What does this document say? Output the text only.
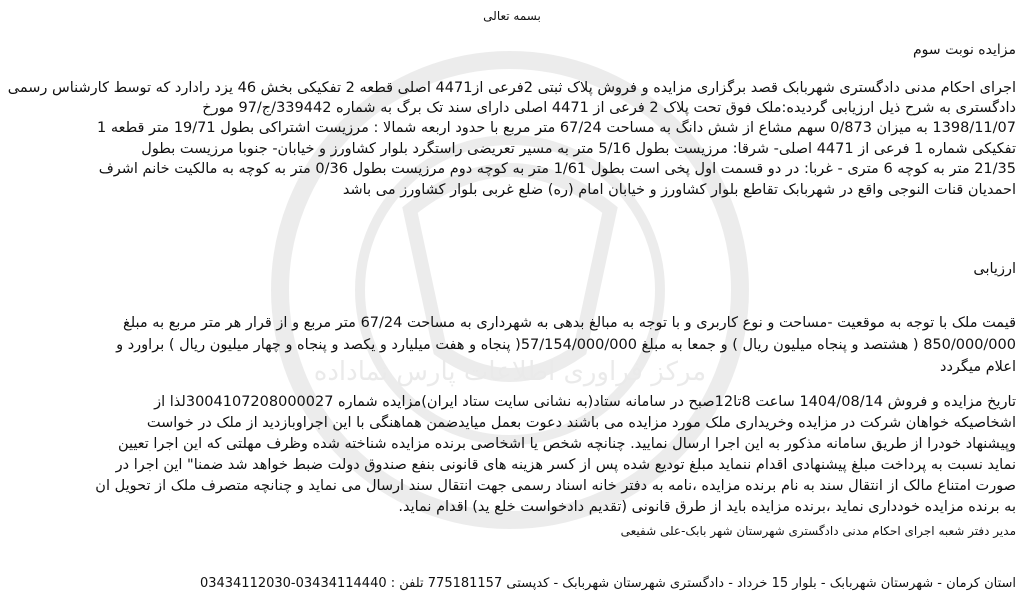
مرکز فراوری اطلاعات پارس نماداده
بسمه تعالی
مزایده نوبت سوم
اجرای احکام مدنی دادگستری شهربابک قصد برگزاری مزایده و فروش پلاک ثبتی 2فرعی از4471 اصلی قطعه 2 تفکیکی بخش 46 یزد رادارد که توسط کارشناس رسمی
دادگستری به شرح ذیل ارزیابی گردیده:ملک فوق تحت پلاک 2 فرعی از 4471 اصلی دارای سند تک برگ به شماره 339442/ج/97 مورخ
1398/11/07 به میزان 0/873 سهم مشاع از شش دانگ به مساحت 67/24 متر مربع با حدود اربعه شمالا : مرزیست اشتراکی بطول 19/71 متر قطعه 1
تفکیکی شماره 1 فرعی از 4471 اصلی- شرقا: مرزیست بطول 5/16 متر به مسیر تعریضی راستگرد بلوار کشاورز و خیابان- جنوبا مرزیست بطول
21/35 متر به کوچه 6 متری - غربا: در دو قسمت اول پخی است بطول 1/61 متر به کوچه دوم مرزیست بطول 0/36 متر به کوچه به مالکیت خانم اشرف
احمدیان قنات النوجی واقع در شهربابک تقاطع بلوار کشاورز و خیابان امام (ره) ضلع غربی بلوار کشاورز می باشد
ارزیابی
قیمت ملک با توجه به موقعیت -مساحت و نوع کاربری و با توجه به مبالغ بدهی به شهرداری به مساحت 67/24 متر مربع و از قرار هر متر مربع به مبلغ
850/000/000 ( هشتصد و پنجاه میلیون ریال ) و جمعا به مبلغ 57/154/000/000( پنجاه و هفت میلیارد و یکصد و پنجاه و چهار میلیون ریال ) براورد و
اعلام میگردد
تاریخ مزایده و فروش 1404/08/14 ساعت 8تا12صبح در سامانه ستاد(به نشانی سایت ستاد ایران)مزایده شماره 3004107208000027لذا از
اشخاصیکه خواهان شرکت در مزایده وخریداری ملک مورد مزایده می باشند دعوت بعمل میایدضمن هماهنگی با این اجراوبازدید از ملک در خواست
وپیشنهاد خودرا از طریق سامانه مذکور به این اجرا ارسال نمایید. چنانچه شخص یا اشخاصی برنده مزایده شناخته شده وظرف مهلتی که این اجرا تعیین
نماید نسبت به پرداخت مبلغ پیشنهادی اقدام ننماید مبلغ تودیع شده پس از کسر هزینه های قانونی بنفع صندوق دولت ضبط خواهد شد ضمنا" این اجرا در
صورت امتناع مالک از انتقال سند به نام برنده مزایده ،نامه به دفتر خانه اسناد رسمی جهت انتقال سند ارسال می نماید و چنانچه متصرف ملک از تحویل ان
به برنده مزایده خودداری نماید ،برنده مزایده باید از طرق قانونی (تقدیم دادخواست خلع ید) اقدام نماید.
مدیر دفتر شعبه اجرای احکام مدنی دادگستری شهرستان شهر بابک-علی شفیعی
استان کرمان - شهرستان شهربابک - بلوار 15 خرداد - دادگستری شهرستان شهربابک - کدپستی 775181157 تلفن : 03434114440-03434112030
